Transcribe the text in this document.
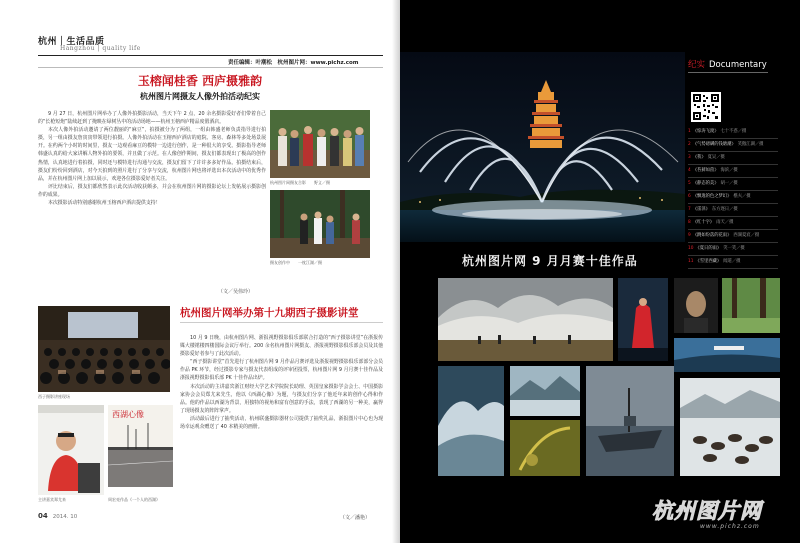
杭州｜生活品质
Hangzhou | quality life
责任编辑：叶潮松　杭州图片网：www.pichz.com
玉榕闻桂香 西庐摄雅韵
杭州图片网摄友人像外拍活动纪实

9 月 27 日，杭州图片网举办了人像外拍摄影活动，当天下午 2 点，20 余名摄影爱好者们带着自己的“长枪短炮”陆续赶到了掩映在绿树丛中的活动场地——杭州玉榕西庐精品度假酒店。

本次人像外拍活动邀请了两位靓丽的“麻豆”，拍摄被分为了两组，一组由韩盛老师负责指导进行拍摄，另一组由摄友詹寅寅带领进行拍摄。人像外拍活动在玉榕西庐酒店的庭院、客房、森林等多处场景展开。在约两个小时的时间里，摄友一边观看麻豆的模特一边进行创作，是一种很大的享受。摄影指导老师韩盛认真的给大家讲解人物外拍的要领，并且做了示范。在人像创作期间，摄友们都表现出了极高的创作热情，认真地进行着拍摄，同时还与模特进行沟通与交流，摄友们留下了许许多多好作品。拍摄结束后，摄友们纷纷回到酒店，对今天拍到的照片进行了分享与交流，杭州图片网也将评选出本次活动中的优秀作品，并在杭州图片网上加以展示，欢迎各位摄影爱好者关注。

评比结束后，摄友们都欣然表示此次活动收获颇多，并会在杭州图片网的摄影论坛上发帖展示摄影创作的成果。

本次摄影活动特别感谢杭州玉榕西庐酒店提供支持！

（文／吴伟玲）
杭州图片网摄友合影　　野义／摄
摄友创作中　　一枕江湖／摄
西子摄影讲座现场
主讲嘉宾郑尤来
西湖心像
周宏亮作品《一个人的西湖》
杭州图片网举办第十九期西子摄影讲堂

10 月 9 日晚，由杭州图片网、浙报视野摄影俱乐部联合打造的“西子摄影讲堂”在浙报传媒大楼裙楼四楼国际会议厅举行。200 余名杭州图片网摄友、浙报视野摄影俱乐部会员及其他摄影爱好者参与了此次活动。

“西子摄影讲堂”首先进行了杭州图片网 9 月作品月赛评选及浙报视野摄影俱乐部部分会员作品 PK 环节，经过摄影专家与摄友代表组成的评审团投票，杭州图片网 9 月月赛十佳作品及浙报视野摄影俱乐部 PK 十佳作品出炉。

本次活动的主讲嘉宾浙江财经大学艺术学院院长助理、英国皇家摄影学会会士、中国摄影家协会会员郑尤来先生，他以《西湖心像》为题，与摄友们分享了他近年来的创作心得和作品。他的作品以西湖为背景，用独特的视角和富有创意的手法，表现了西湖的另一种美，赢得了现场摄友的阵阵掌声。

活动最后进行了抽奖活动，杭州联盛摄影器材公司提供了抽奖礼品，浙报图片中心也为现场幸运观众赠送了 40 本精美的画册。

（文／潘艳）
04 2014. 10
纪实 Documentary
1 《惊涛飞渡》 七十不惑／摄
2 《气势磅礴的钱塘潮》 笑傲江湖／摄
3 《我》 夏吴／摄
4 《苔藓如茵》 海滨／摄
5 《静态的美》 胡一／摄
6 《飘逸的色之梦幻》 樵夫／摄
7 《雷泽》 东方逐日／摄
8 《红十字》 雨天／摄
9 《跳如纷落的花雨》 西湖夏宸／摄
10 《夏日的雨》 笑一笑／摄
11 《雪里西藏》 闻道／摄
杭州图片网 9 月月赛十佳作品
杭州图片网
www.pichz.com
